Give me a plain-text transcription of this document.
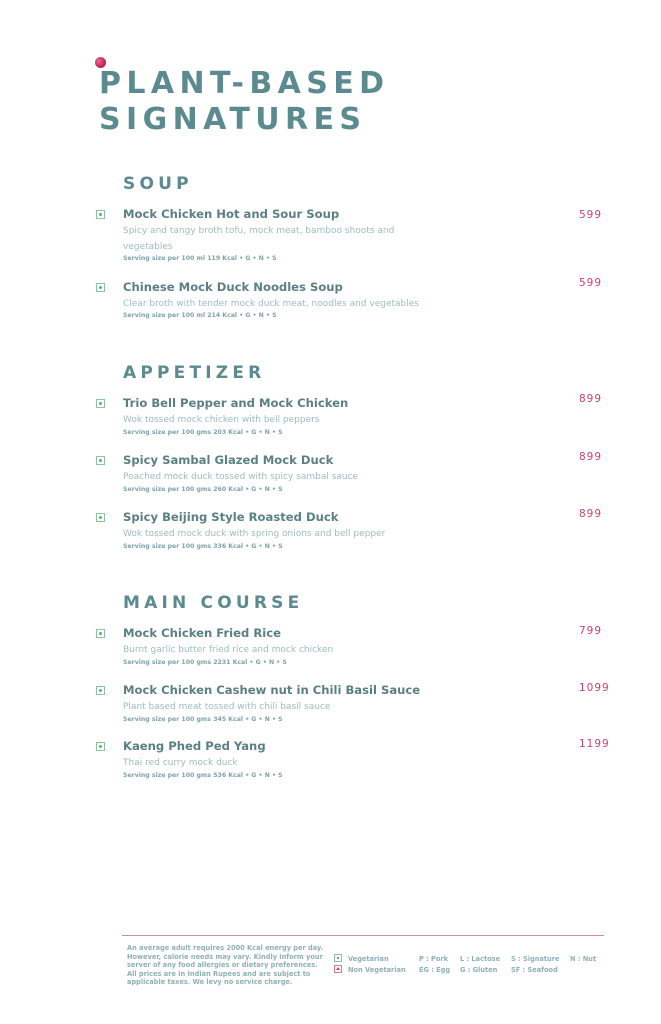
PLANT-BASED
SIGNATURES
SOUP

Mock Chicken Hot and Sour Soup

Spicy and tangy broth tofu, mock meat, bamboo shoots and vegetables

Serving size per 100 ml 119 Kcal • G • N • S

599

Chinese Mock Duck Noodles Soup

Clear broth with tender mock duck meat, noodles and vegetables

Serving size per 100 ml 214 Kcal • G • N • S

599

APPETIZER

Trio Bell Pepper and Mock Chicken

Wok tossed mock chicken with bell peppers

Serving size per 100 gms 203 Kcal • G • N • S

899

Spicy Sambal Glazed Mock Duck

Poached mock duck tossed with spicy sambal sauce

Serving size per 100 gms 260 Kcal • G • N • S

899

Spicy Beijing Style Roasted Duck

Wok tossed mock duck with spring onions and bell pepper

Serving size per 100 gms 336 Kcal • G • N • S

899

MAIN COURSE

Mock Chicken Fried Rice

Burnt garlic butter fried rice and mock chicken

Serving size per 100 gms 2231 Kcal • G • N • S

799

Mock Chicken Cashew nut in Chili Basil Sauce

Plant based meat tossed with chili basil sauce

Serving size per 100 gms 345 Kcal • G • N • S

1099

Kaeng Phed Ped Yang

Thai red curry mock duck

Serving size per 100 gms 536 Kcal • G • N • S

1199

An average adult requires 2000 Kcal energy per day.
However, calorie needs may vary. Kindly inform your
server of any food allergies or dietary preferences.
All prices are in Indian Rupees and are subject to
applicable taxes. We levy no service charge.
Vegetarian
Non Vegetarian
P : Pork
EG : Egg
L : Lactose
G : Gluten
S : Signature
SF : Seafood
N : Nut
